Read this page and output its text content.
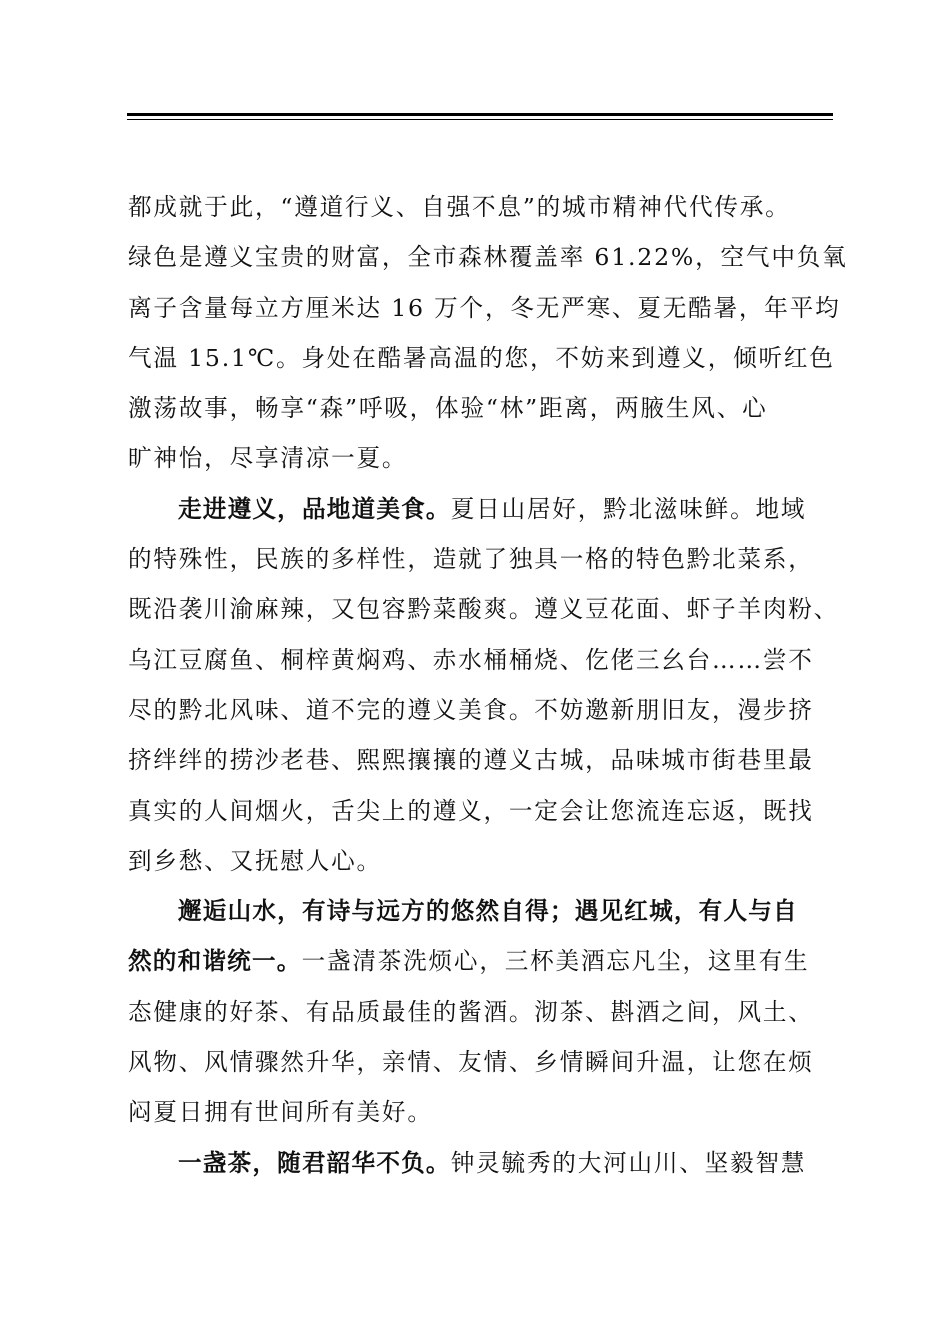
都成就于此，“遵道行义、自强不息”的城市精神代代传承。
绿色是遵义宝贵的财富，全市森林覆盖率 61.22%，空气中负氧
离子含量每立方厘米达 16 万个，冬无严寒、夏无酷暑，年平均
气温 15.1℃。身处在酷暑高温的您，不妨来到遵义，倾听红色
激荡故事，畅享“森”呼吸，体验“林”距离，两腋生风、心
旷神怡，尽享清凉一夏。
走进遵义，品地道美食。夏日山居好，黔北滋味鲜。地域
的特殊性，民族的多样性，造就了独具一格的特色黔北菜系，
既沿袭川渝麻辣，又包容黔菜酸爽。遵义豆花面、虾子羊肉粉、
乌江豆腐鱼、桐梓黄焖鸡、赤水桶桶烧、仡佬三幺台……尝不
尽的黔北风味、道不完的遵义美食。不妨邀新朋旧友，漫步挤
挤绊绊的捞沙老巷、熙熙攘攘的遵义古城，品味城市街巷里最
真实的人间烟火，舌尖上的遵义，一定会让您流连忘返，既找
到乡愁、又抚慰人心。
邂逅山水，有诗与远方的悠然自得；遇见红城，有人与自
然的和谐统一。一盏清茶洗烦心，三杯美酒忘凡尘，这里有生
态健康的好茶、有品质最佳的酱酒。沏茶、斟酒之间，风土、
风物、风情骤然升华，亲情、友情、乡情瞬间升温，让您在烦
闷夏日拥有世间所有美好。
一盏茶，随君韶华不负。钟灵毓秀的大河山川、坚毅智慧
